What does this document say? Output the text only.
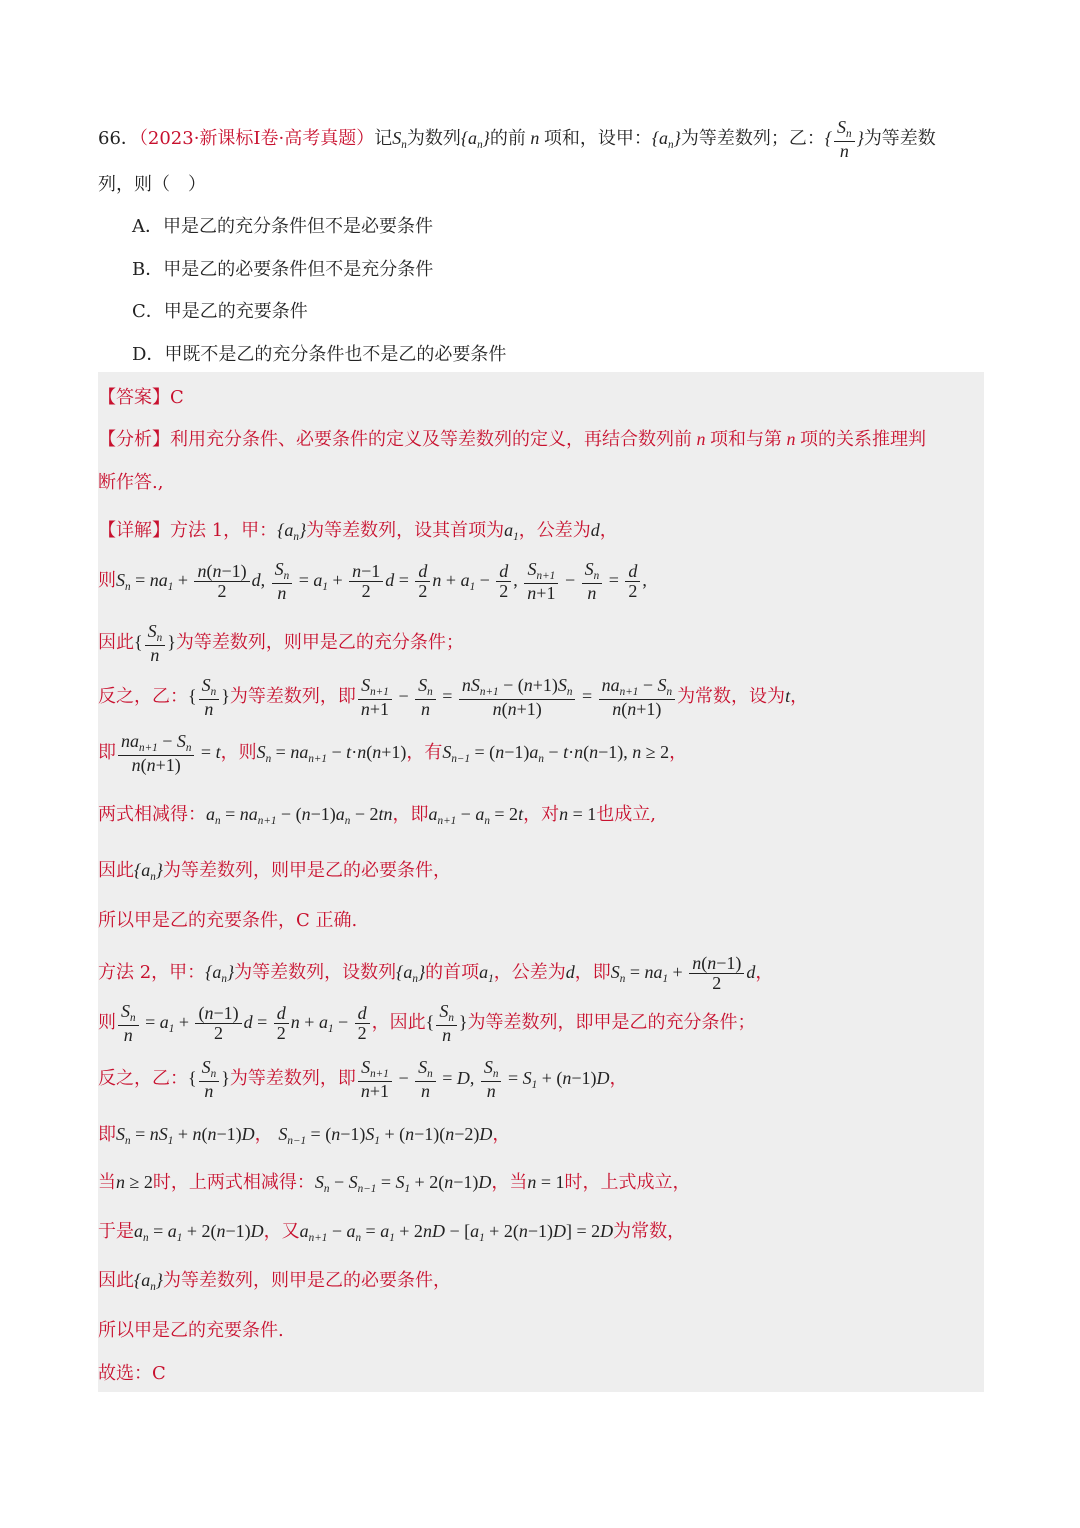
66．（2023·新课标I卷·高考真题）记$S_n$为数列$\{a_n\}$的前 n 项和，设甲：$\{a_n\}$为等差数列；乙：{ $\frac{S_n}{n}$ }为等差数
列，则（　）
A．甲是乙的充分条件但不是必要条件
B．甲是乙的必要条件但不是充分条件
C．甲是乙的充要条件
D．甲既不是乙的充分条件也不是乙的必要条件
【答案】C
【分析】利用充分条件、必要条件的定义及等差数列的定义，再结合数列前 n 项和与第 n 项的关系推理判
断作答.,
【详解】方法 1，甲：$\{a_n\}$为等差数列，设其首项为$a_1$，公差为d，
则$S_n = na_1 + \frac{n(n-1)}{2} d$, $\frac{S_n}{n} = a_1 + \frac{n-1}{2}$ $d = \frac{d}{2}$ $n + a_1 - \frac{d}{2}$ , $\frac{S_{n+1}}{n+1} - \frac{S_n}{n} = \frac{d}{2}$ ,
因此{ $\frac{S_n}{n}$ }为等差数列，则甲是乙的充分条件；
反之，乙：{ $\frac{S_n}{n}$ }为等差数列，即 $\frac{S_{n+1}}{n+1} - \frac{S_n}{n} = \frac{nS_{n+1} - (n+1)S_n}{n(n+1)} = \frac{na_{n+1} - S_n}{n(n+1)}$ 为常数，设为t，
即 $\frac{na_{n+1} - S_n}{n(n+1)} = t$，则$S_n = na_{n+1} - t\cdot n(n+1)$，有$S_{n-1} = (n-1)a_n - t\cdot n(n-1)$, n ≥ 2，
两式相减得：$a_n = na_{n+1} - (n-1)a_n - 2tn$，即$a_{n+1} - a_n = 2t$，对n = 1也成立,
因此$\{a_n\}$为等差数列，则甲是乙的必要条件，
所以甲是乙的充要条件，C 正确.
方法 2，甲：$\{a_n\}$为等差数列，设数列$\{a_n\}$的首项$a_1$，公差为d，即$S_n = na_1 + \frac{n(n-1)}{2}$ d，
则 $\frac{S_n}{n} = a_1 + \frac{(n-1)}{2}$ $d = \frac{d}{2}$ $n + a_1 - \frac{d}{2}$ ，因此{ $\frac{S_n}{n}$ }为等差数列，即甲是乙的充分条件；
反之，乙：{ $\frac{S_n}{n}$ }为等差数列，即 $\frac{S_{n+1}}{n+1} - \frac{S_n}{n} = D$, $\frac{S_n}{n} = S_1 + (n-1)D$，
即$S_n = nS_1 + n(n-1)D$， $S_{n-1} = (n-1)S_1 + (n-1)(n-2)D$，
当n ≥ 2时，上两式相减得：$S_n - S_{n-1} = S_1 + 2(n-1)D$，当n = 1时，上式成立，
于是$a_n = a_1 + 2(n-1)D$，又$a_{n+1} - a_n = a_1 + 2nD - [a_1 + 2(n-1)D] = 2D$为常数，
因此$\{a_n\}$为等差数列，则甲是乙的必要条件，
所以甲是乙的充要条件.
故选：C
